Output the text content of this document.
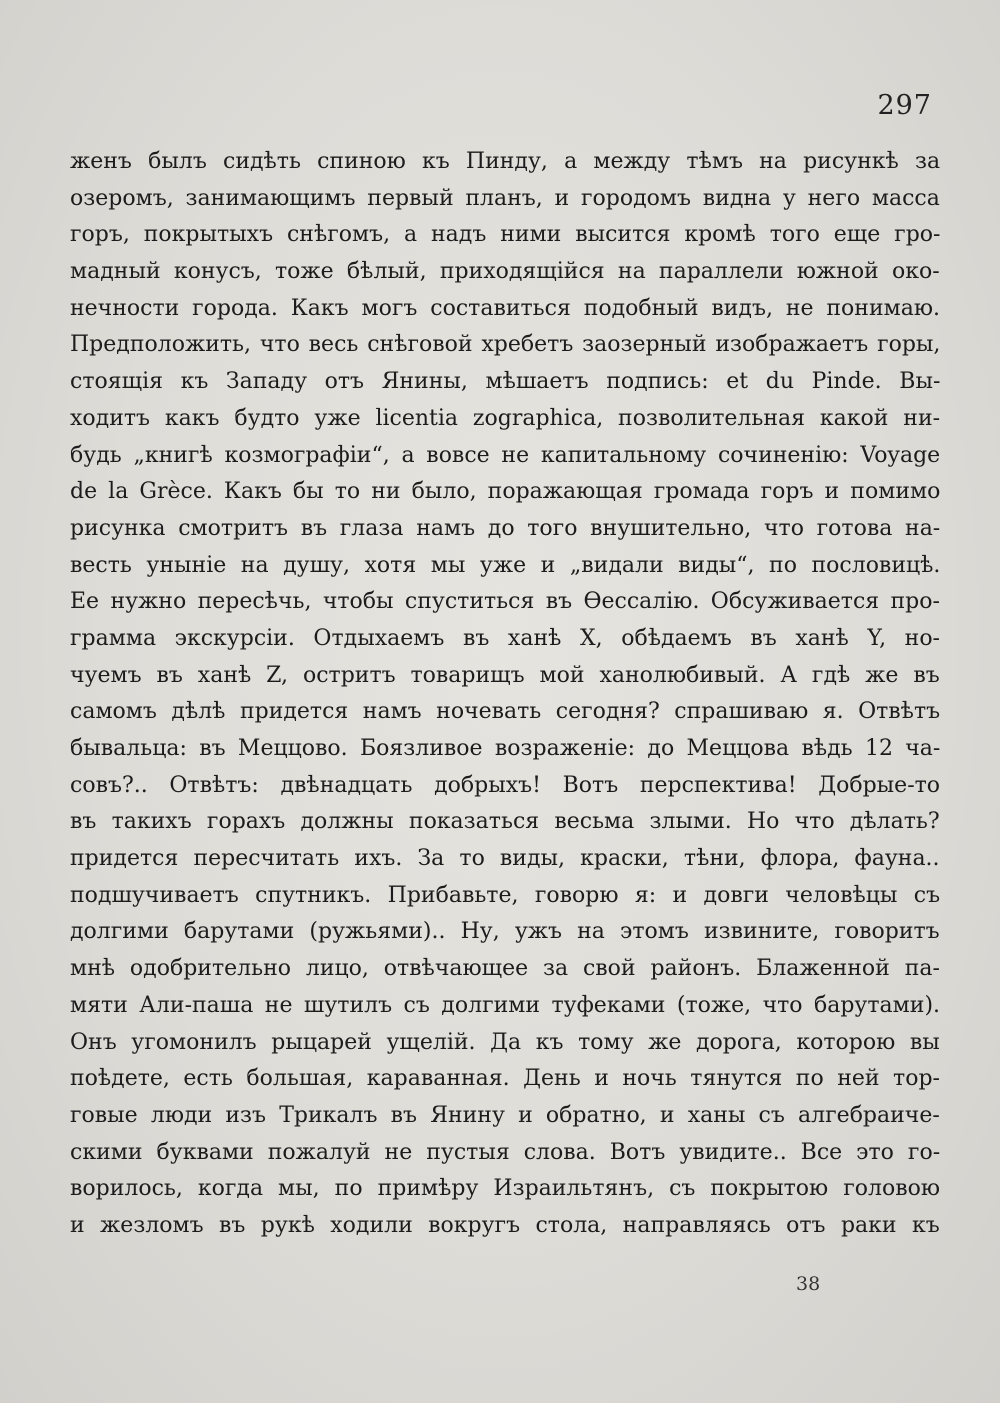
297
женъ былъ сидѣть спиною къ Пинду, а между тѣмъ на рисункѣ за
озеромъ, занимающимъ первый планъ, и городомъ видна у него масса
горъ, покрытыхъ снѣгомъ, а надъ ними высится кромѣ того еще гро-
мадный конусъ, тоже бѣлый, приходящійся на параллели южной око-
нечности города. Какъ могъ составиться подобный видъ, не понимаю.
Предположить, что весь снѣговой хребетъ заозерный изображаетъ горы,
стоящія къ Западу отъ Янины, мѣшаетъ подпись: et du Pinde. Вы-
ходитъ какъ будто уже licentia zographica, позволительная какой ни-
будь „книгѣ козмографіи“, а вовсе не капитальному сочиненію: Voyage
de la Grèce. Какъ бы то ни было, поражающая громада горъ и помимо
рисунка смотритъ въ глаза намъ до того внушительно, что готова на-
весть уныніе на душу, хотя мы уже и „видали виды“, по пословицѣ.
Ее нужно пересѣчь, чтобы спуститься въ Ѳессалію. Обсуживается про-
грамма экскурсіи. Отдыхаемъ въ ханѣ X, обѣдаемъ въ ханѣ Y, но-
чуемъ въ ханѣ Z, остритъ товарищъ мой ханолюбивый. А гдѣ же въ
самомъ дѣлѣ придется намъ ночевать сегодня? спрашиваю я. Отвѣтъ
бывальца: въ Меццово. Боязливое возраженіе: до Меццова вѣдь 12 ча-
совъ?.. Отвѣтъ: двѣнадцать добрыхъ! Вотъ перспектива! Добрые-то
въ такихъ горахъ должны показаться весьма злыми. Но что дѣлать?
придется пересчитать ихъ. За то виды, краски, тѣни, флора, фауна..
подшучиваетъ спутникъ. Прибавьте, говорю я: и довги человѣцы съ
долгими барутами (ружьями).. Ну, ужъ на этомъ извините, говоритъ
мнѣ одобрительно лицо, отвѣчающее за свой районъ. Блаженной па-
мяти Али-паша не шутилъ съ долгими туфеками (тоже, что барутами).
Онъ угомонилъ рыцарей ущелій. Да къ тому же дорога, которою вы
поѣдете, есть большая, караванная. День и ночь тянутся по ней тор-
говые люди изъ Трикалъ въ Янину и обратно, и ханы съ алгебраиче-
скими буквами пожалуй не пустыя слова. Вотъ увидите.. Все это го-
ворилось, когда мы, по примѣру Израильтянъ, съ покрытою головою
и жезломъ въ рукѣ ходили вокругъ стола, направляясь отъ раки къ
38
